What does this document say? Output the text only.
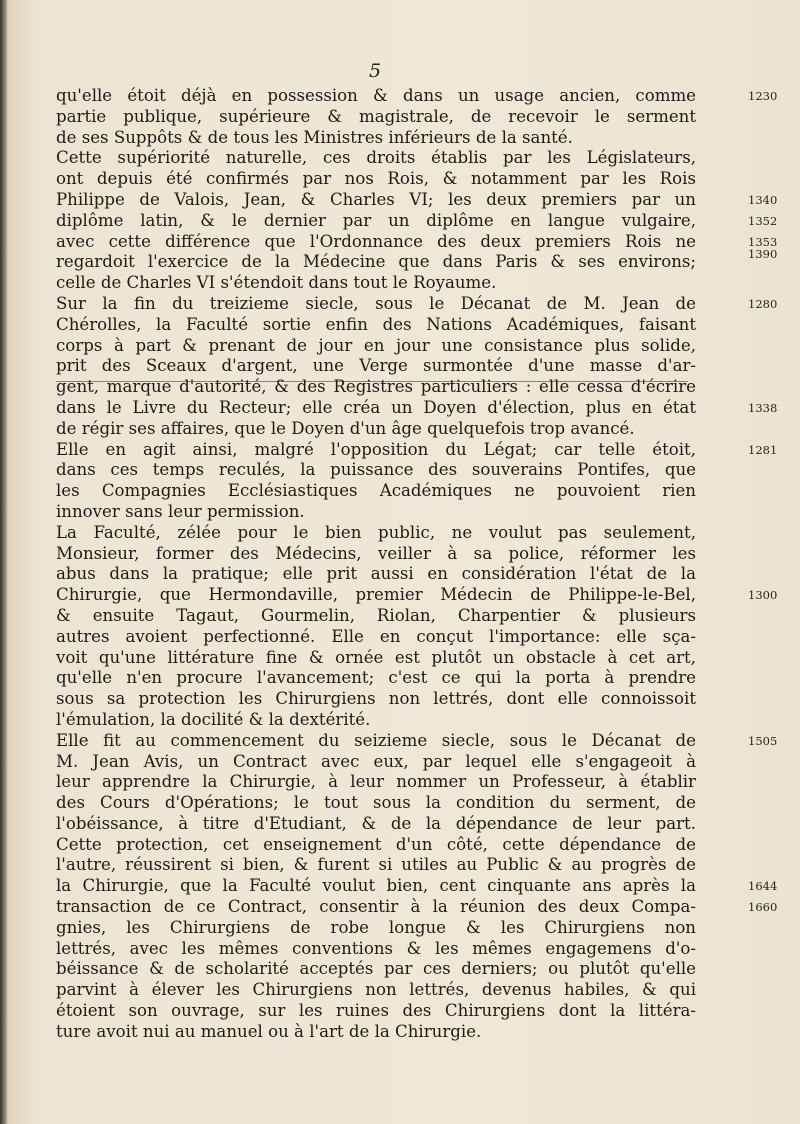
5
qu'elle étoit déjà en possession & dans un usage ancien, comme
partie publique, supérieure & magistrale, de recevoir le serment
de ses Suppôts & de tous les Ministres inférieurs de la santé.
Cette supériorité naturelle, ces droits établis par les Législateurs,
ont depuis été confirmés par nos Rois, & notamment par les Rois
Philippe de Valois, Jean, & Charles VI; les deux premiers par un
diplôme latin, & le dernier par un diplôme en langue vulgaire,
avec cette différence que l'Ordonnance des deux premiers Rois ne
regardoit l'exercice de la Médecine que dans Paris & ses environs;
celle de Charles VI s'étendoit dans tout le Royaume.
Sur la fin du treizieme siecle, sous le Décanat de M. Jean de
Chérolles, la Faculté sortie enfin des Nations Académiques, faisant
corps à part & prenant de jour en jour une consistance plus solide,
prit des Sceaux d'argent, une Verge surmontée d'une masse d'ar-
gent, marque d'autorité, & des Registres particuliers : elle cessa d'écrire
dans le Livre du Recteur; elle créa un Doyen d'élection, plus en état
de régir ses affaires, que le Doyen d'un âge quelquefois trop avancé.
Elle en agit ainsi, malgré l'opposition du Légat; car telle étoit,
dans ces temps reculés, la puissance des souverains Pontifes, que
les Compagnies Ecclésiastiques Académiques ne pouvoient rien
innover sans leur permission.
La Faculté, zélée pour le bien public, ne voulut pas seulement,
Monsieur, former des Médecins, veiller à sa police, réformer les
abus dans la pratique; elle prit aussi en considération l'état de la
Chirurgie, que Hermondaville, premier Médecin de Philippe-le-Bel,
& ensuite Tagaut, Gourmelin, Riolan, Charpentier & plusieurs
autres avoient perfectionné. Elle en conçut l'importance: elle sça-
voit qu'une littérature fine & ornée est plutôt un obstacle à cet art,
qu'elle n'en procure l'avancement; c'est ce qui la porta à prendre
sous sa protection les Chirurgiens non lettrés, dont elle connoissoit
l'émulation, la docilité & la dextérité.
Elle fit au commencement du seizieme siecle, sous le Décanat de
M. Jean Avis, un Contract avec eux, par lequel elle s'engageoit à
leur apprendre la Chirurgie, à leur nommer un Professeur, à établir
des Cours d'Opérations; le tout sous la condition du serment, de
l'obéissance, à titre d'Etudiant, & de la dépendance de leur part.
Cette protection, cet enseignement d'un côté, cette dépendance de
l'autre, réussirent si bien, & furent si utiles au Public & au progrès de
la Chirurgie, que la Faculté voulut bien, cent cinquante ans après la
transaction de ce Contract, consentir à la réunion des deux Compa-
gnies, les Chirurgiens de robe longue & les Chirurgiens non
lettrés, avec les mêmes conventions & les mêmes engagemens d'o-
béissance & de scholarité acceptés par ces derniers; ou plutôt qu'elle
parvint à élever les Chirurgiens non lettrés, devenus habiles, & qui
étoient son ouvrage, sur les ruines des Chirurgiens dont la littéra-
ture avoit nui au manuel ou à l'art de la Chirurgie.
1230
1340
1352
1353
1390
1280
1338
1281
1300
1505
1644
1660
